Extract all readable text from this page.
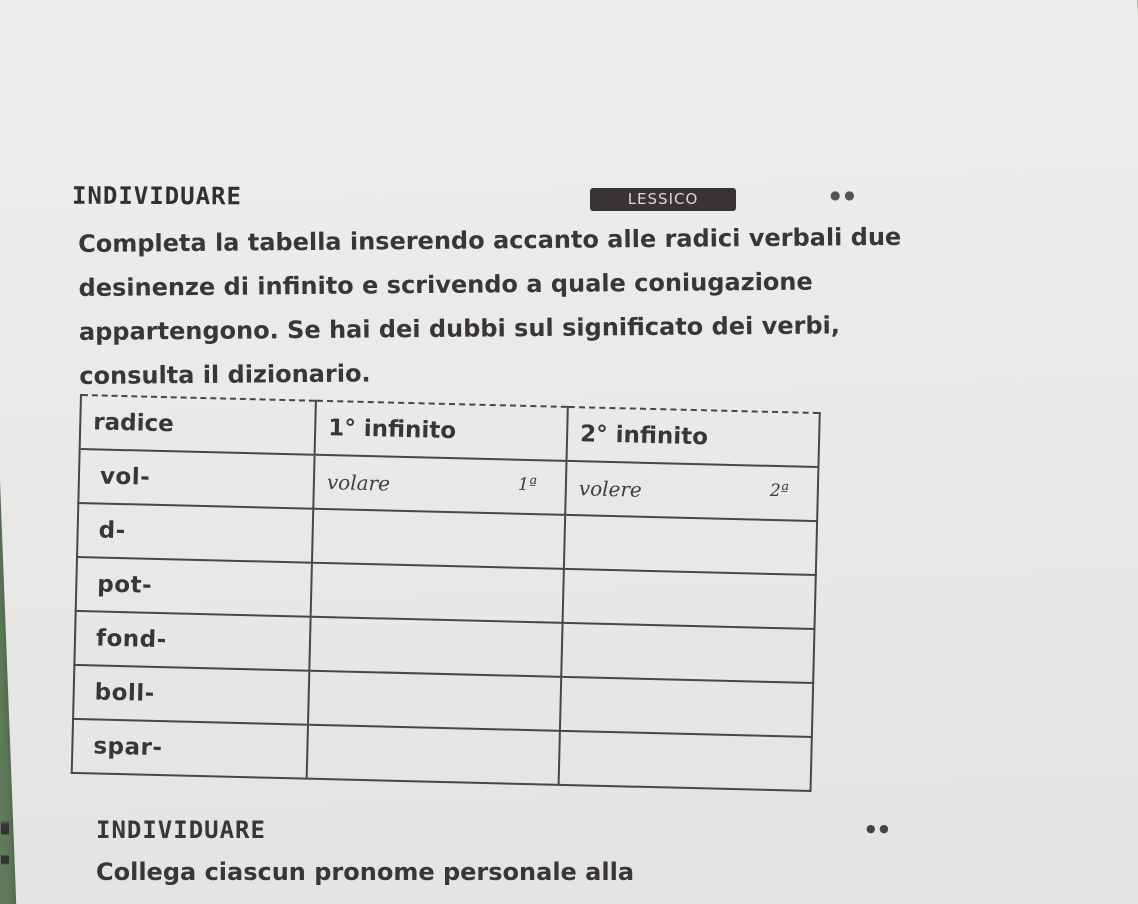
INDIVIDUARE	LESSICO	● ●

Completa la tabella inserendo accanto alle radici verbali due desinenze di infinito e scrivendo a quale coniugazione appartengono. Se hai dei dubbi sul significato dei verbi, consulta il dizionario.

radice	1° infinito	2° infinito
vol-	volare 1ª	volere 2ª

d-		
pot-		
fond-		
boll-		
spar-		
INDIVIDUARE	● ●

Collega ciascun pronome personale alla
